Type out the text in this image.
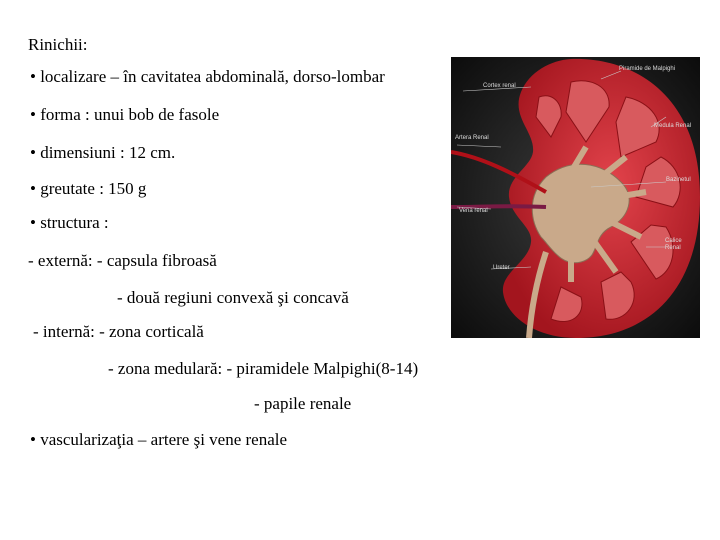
Rinichii:
• localizare – în cavitatea abdominală, dorso-lombar
• forma : unui bob de fasole
• dimensiuni : 12 cm.
• greutate : 150 g
• structura :
- externă: - capsula fibroasă
- două regiuni convexă şi concavă
- internă: - zona corticală
- zona medulară: - piramidele Malpighi(8-14)
- papile renale
• vascularizaţia – artere şi vene renale
Piramide de Malpighi
Cortex renal
Artera Renal
Medula Renal
Bazinetul
Vena renal
Calice
Renal
Ureter
